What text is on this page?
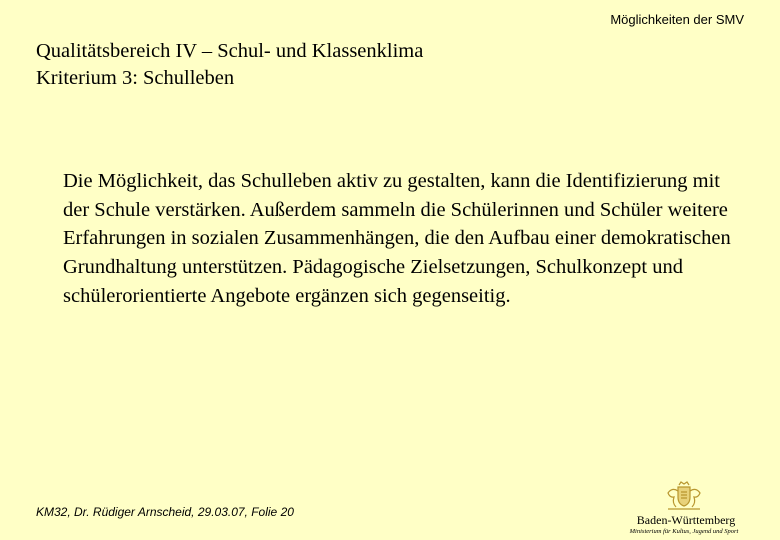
Möglichkeiten der SMV
Qualitätsbereich IV – Schul- und Klassenklima
Kriterium 3: Schulleben

Die Möglichkeit, das Schulleben aktiv zu gestalten, kann die Identifizierung mit der Schule verstärken. Außerdem sammeln die Schülerinnen und Schüler weitere Erfahrungen in sozialen Zusammenhängen, die den Aufbau einer demokratischen Grundhaltung unterstützen. Pädagogische Zielsetzungen, Schulkonzept und schülerorientierte Angebote ergänzen sich gegenseitig.

KM32, Dr. Rüdiger Arnscheid, 29.03.07, Folie 20
Baden-Württemberg
Ministerium für Kultus, Jugend und Sport
